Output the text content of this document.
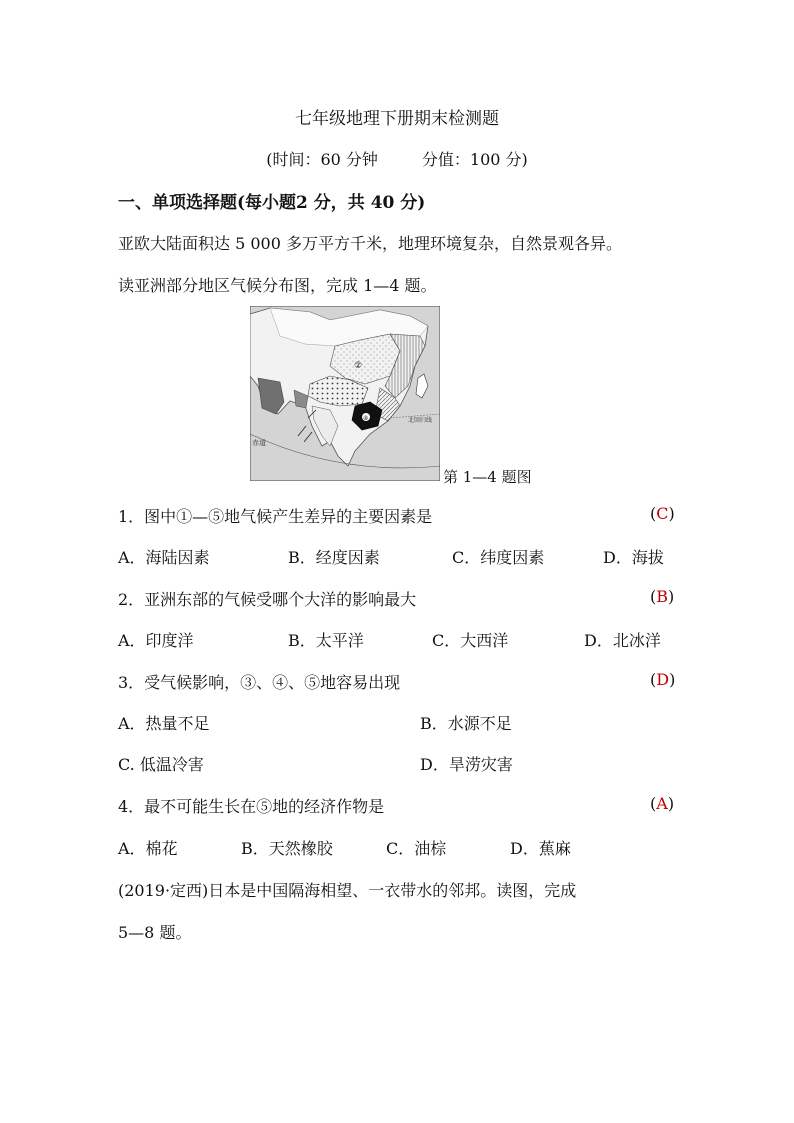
七年级地理下册期末检测题
(时间：60 分钟	分值：100 分)
一、单项选择题(每小题2 分，共 40 分)
亚欧大陆面积达 5 000 多万平方千米，地理环境复杂，自然景观各异。
读亚洲部分地区气候分布图，完成 1—4 题。
②
④
赤道
北回归线
第 1—4 题图
1．图中①—⑤地气候产生差异的主要因素是	(C)
A．海陆因素	B．经度因素	C．纬度因素	D．海拔
2．亚洲东部的气候受哪个大洋的影响最大	(B)
A．印度洋	B．太平洋	C．大西洋	D．北冰洋
3．受气候影响，③、④、⑤地容易出现	(D)
A．热量不足	B．水源不足
C. 低温冷害	D．旱涝灾害
4．最不可能生长在⑤地的经济作物是	(A)
A．棉花	B．天然橡胶	C．油棕	D．蕉麻
(2019·定西)日本是中国隔海相望、一衣带水的邻邦。读图，完成
5—8 题。
